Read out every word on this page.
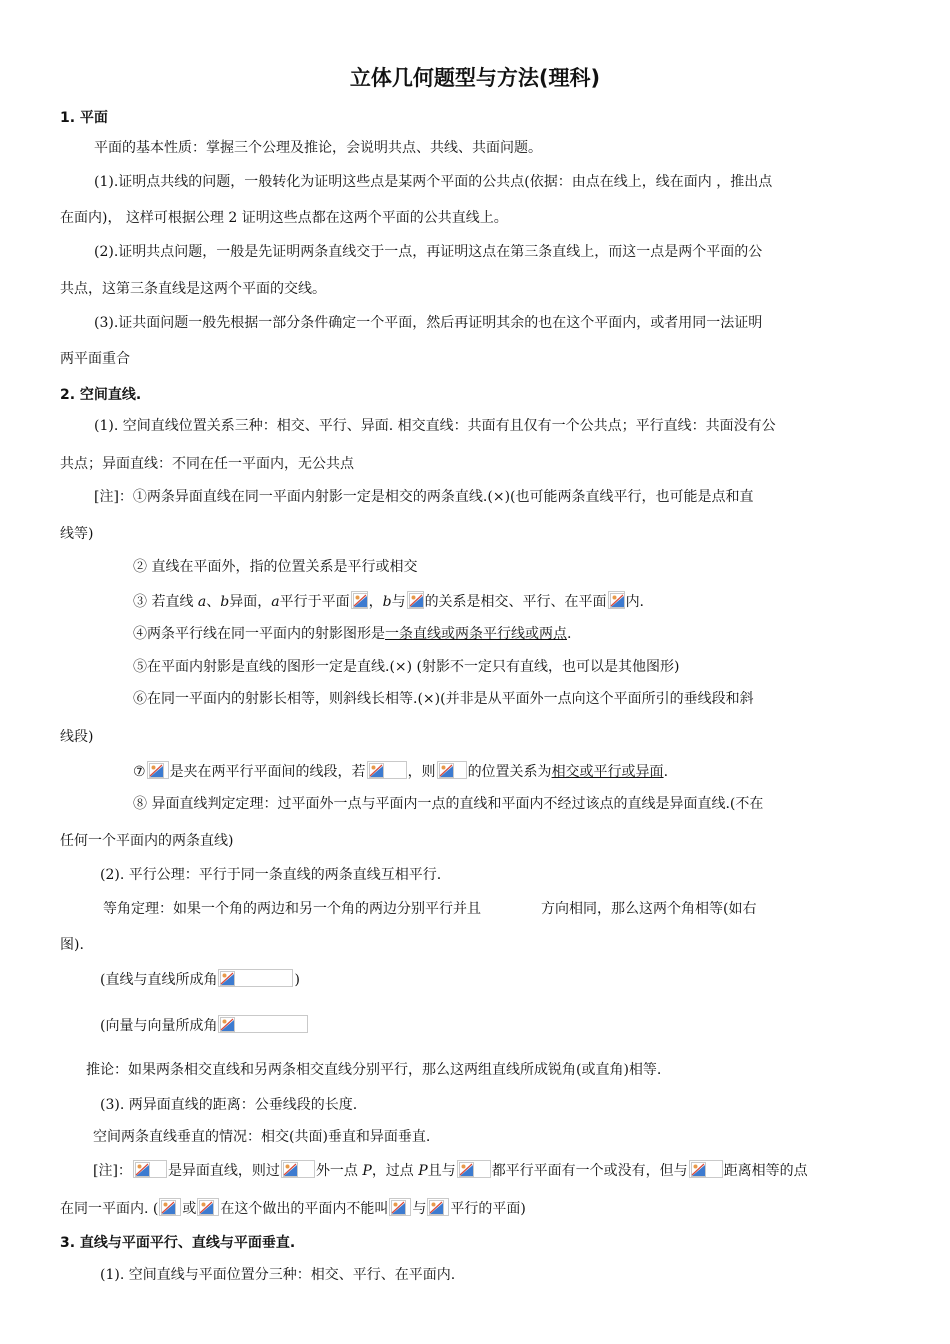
立体几何题型与方法(理科)
1. 平面
平面的基本性质：掌握三个公理及推论，会说明共点、共线、共面问题。
(1).证明点共线的问题，一般转化为证明这些点是某两个平面的公共点(依据：由点在线上，线在面内 ，推出点
在面内)， 这样可根据公理 2 证明这些点都在这两个平面的公共直线上。
(2).证明共点问题，一般是先证明两条直线交于一点，再证明这点在第三条直线上，而这一点是两个平面的公
共点，这第三条直线是这两个平面的交线。
(3).证共面问题一般先根据一部分条件确定一个平面，然后再证明其余的也在这个平面内，或者用同一法证明
两平面重合
2. 空间直线.
(1). 空间直线位置关系三种：相交、平行、异面. 相交直线：共面有且仅有一个公共点；平行直线：共面没有公
共点；异面直线：不同在任一平面内，无公共点
[注]：①两条异面直线在同一平面内射影一定是相交的两条直线.(×)(也可能两条直线平行，也可能是点和直
线等)
② 直线在平面外，指的位置关系是平行或相交
③ 若直线 a、b异面，a平行于平面 ，b与 的关系是相交、平行、在平面 内.
④两条平行线在同一平面内的射影图形是一条直线或两条平行线或两点.
⑤在平面内射影是直线的图形一定是直线.(×) (射影不一定只有直线，也可以是其他图形)
⑥在同一平面内的射影长相等，则斜线长相等.(×)(并非是从平面外一点向这个平面所引的垂线段和斜
线段)
⑦ 是夹在两平行平面间的线段，若	，则 的位置关系为相交或平行或异面.
⑧ 异面直线判定定理：过平面外一点与平面内一点的直线和平面内不经过该点的直线是异面直线.(不在
任何一个平面内的两条直线)
(2). 平行公理：平行于同一条直线的两条直线互相平行.
等角定理：如果一个角的两边和另一个角的两边分别平行并且	方向相同，那么这两个角相等(如右
图).
(直线与直线所成角	)
(向量与向量所成角
推论：如果两条相交直线和另两条相交直线分别平行，那么这两组直线所成锐角(或直角)相等.
(3). 两异面直线的距离：公垂线段的长度.
空间两条直线垂直的情况：相交(共面)垂直和异面垂直.
[注]：	是异面直线，则过	外一点 P，过点 P且与	都平行平面有一个或没有，但与	距离相等的点
在同一平面内. ( 或 在这个做出的平面内不能叫 与 平行的平面)
3. 直线与平面平行、直线与平面垂直.
(1). 空间直线与平面位置分三种：相交、平行、在平面内.
